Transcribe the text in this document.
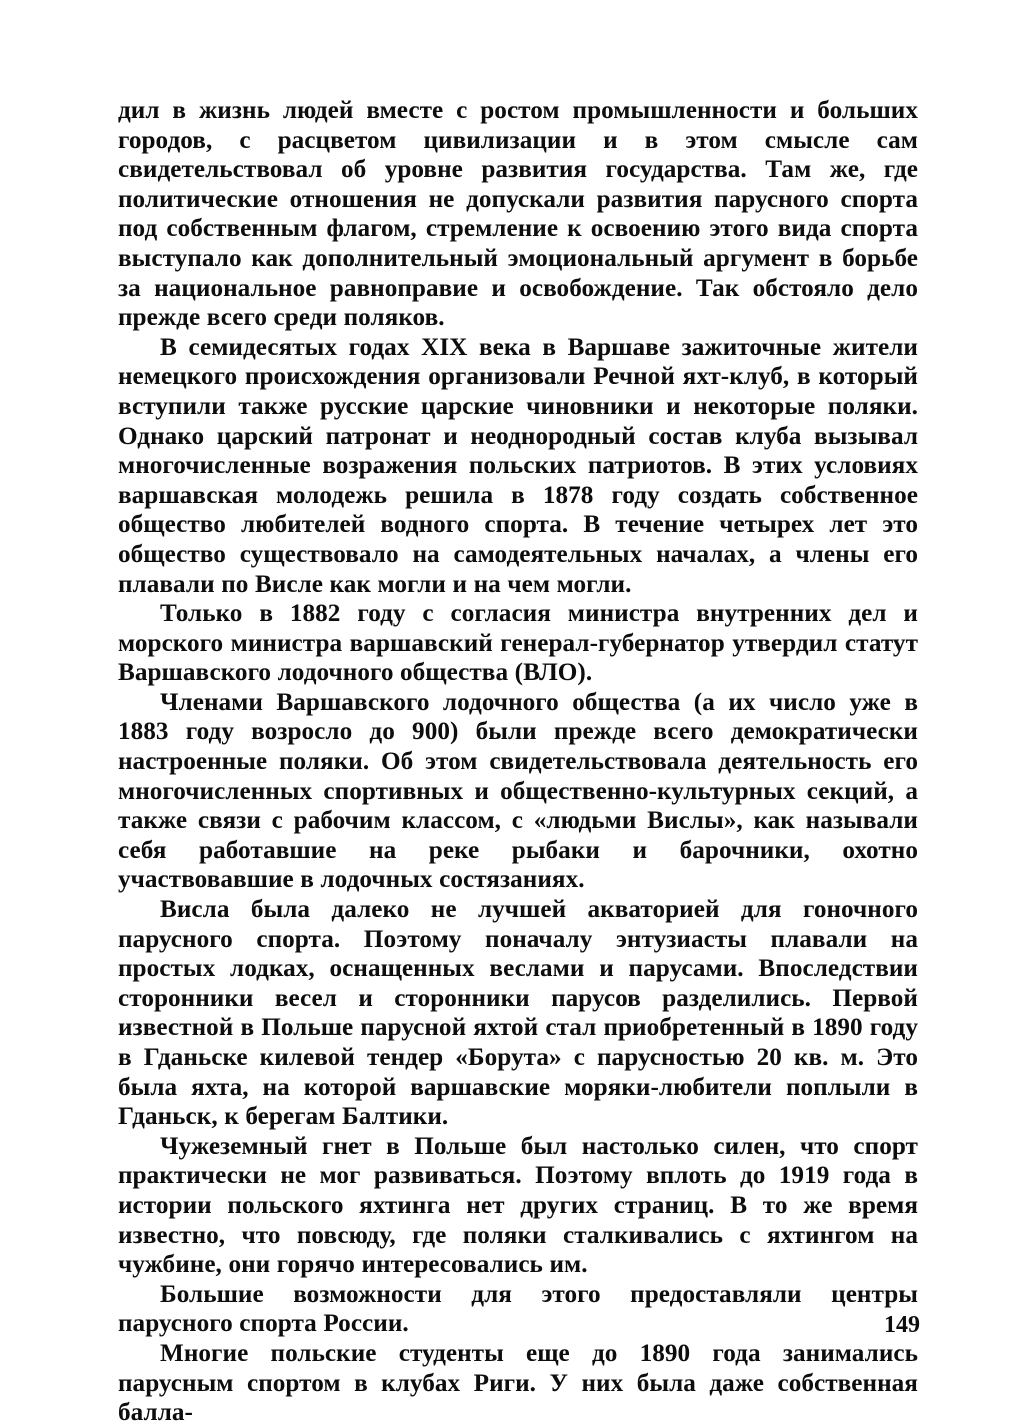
дил в жизнь людей вместе с ростом промышленности и больших городов, с расцветом цивилизации и в этом смысле сам свидетельствовал об уровне развития государства. Там же, где политические отношения не допускали развития парусного спорта под собственным флагом, стремление к освоению этого вида спорта выступало как дополнительный эмоциональный аргумент в борьбе за национальное равноправие и освобождение. Так обстояло дело прежде всего среди поляков.

В семидесятых годах XIX века в Варшаве зажиточные жители немецкого происхождения организовали Речной яхт-клуб, в который вступили также русские царские чиновники и некоторые поляки. Однако царский патронат и неоднородный состав клуба вызывал многочисленные возражения польских патриотов. В этих условиях варшавская молодежь решила в 1878 году создать собственное общество любителей водного спорта. В течение четырех лет это общество существовало на самодеятельных началах, а члены его плавали по Висле как могли и на чем могли.

Только в 1882 году с согласия министра внутренних дел и морского министра варшавский генерал-губернатор утвердил статут Варшавского лодочного общества (ВЛО).

Членами Варшавского лодочного общества (а их число уже в 1883 году возросло до 900) были прежде всего демократически настроенные поляки. Об этом свидетельствовала деятельность его многочисленных спортивных и общественно-культурных секций, а также связи с рабочим классом, с «людьми Вислы», как называли себя работавшие на реке рыбаки и барочники, охотно участвовавшие в лодочных состязаниях.

Висла была далеко не лучшей акваторией для гоночного парусного спорта. Поэтому поначалу энтузиасты плавали на простых лодках, оснащенных веслами и парусами. Впоследствии сторонники весел и сторонники парусов разделились. Первой известной в Польше парусной яхтой стал приобретенный в 1890 году в Гданьске килевой тендер «Борута» с парусностью 20 кв. м. Это была яхта, на которой варшавские моряки-любители поплыли в Гданьск, к берегам Балтики.

Чужеземный гнет в Польше был настолько силен, что спорт практически не мог развиваться. Поэтому вплоть до 1919 года в истории польского яхтинга нет других страниц. В то же время известно, что повсюду, где поляки сталкивались с яхтингом на чужбине, они горячо интересовались им.

Большие возможности для этого предоставляли центры парусного спорта России.

Многие польские студенты еще до 1890 года занимались парусным спортом в клубах Риги. У них была даже собственная балла-

149
